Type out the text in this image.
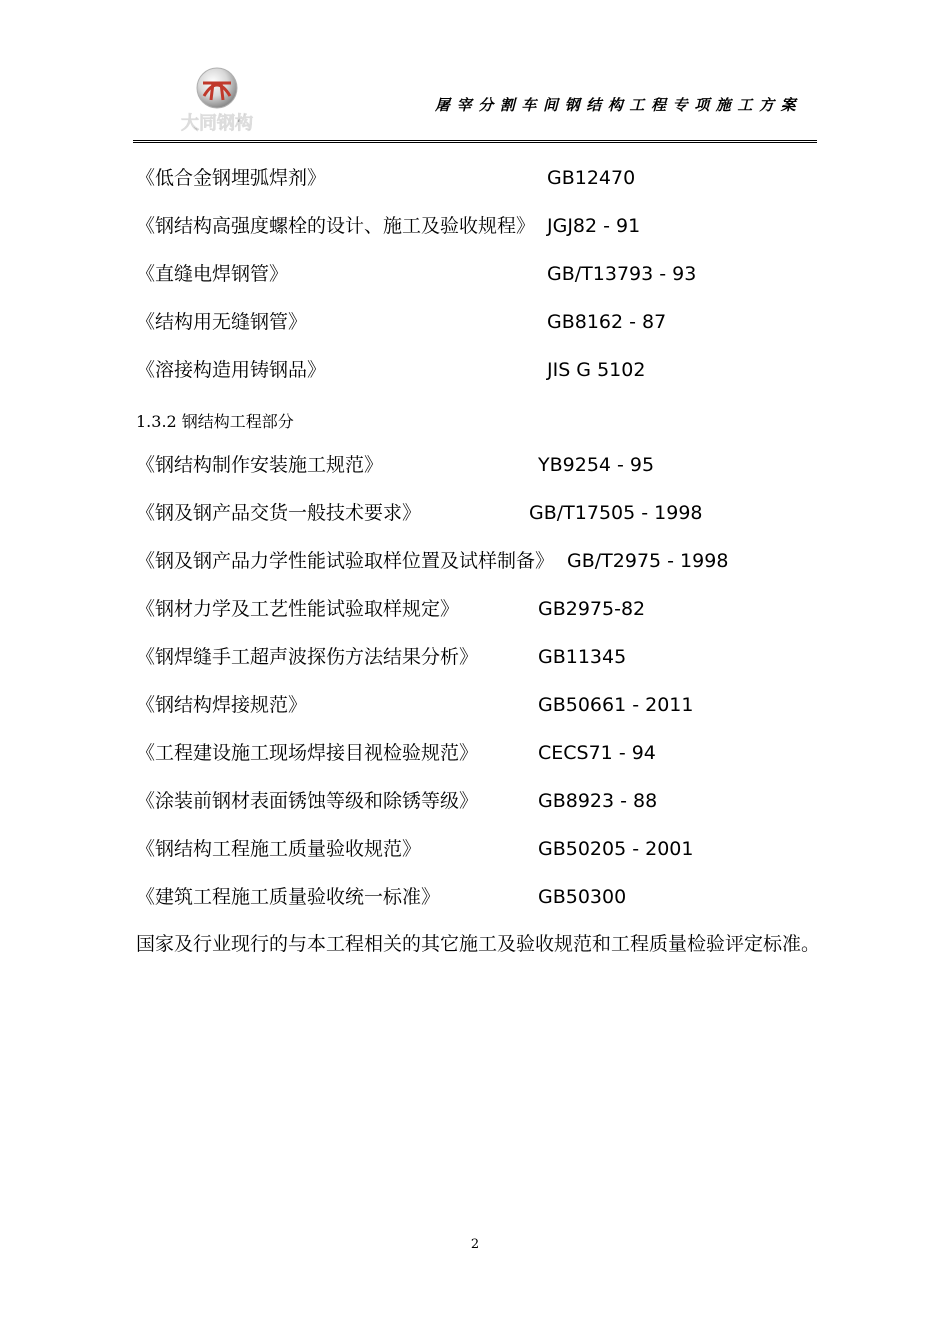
大同钢构
屠宰分割车间钢结构工程专项施工方案
《低合金钢埋弧焊剂》	GB12470
《钢结构高强度螺栓的设计、施工及验收规程》 JGJ82 - 91
《直缝电焊钢管》	GB/T13793 - 93
《结构用无缝钢管》	GB8162 - 87
《溶接构造用铸钢品》	JIS G 5102
1.3.2 钢结构工程部分
《钢结构制作安装施工规范》	YB9254 - 95
《钢及钢产品交货一般技术要求》	GB/T17505 - 1998
《钢及钢产品力学性能试验取样位置及试样制备》 GB/T2975 - 1998
《钢材力学及工艺性能试验取样规定》	GB2975-82
《钢焊缝手工超声波探伤方法结果分析》	GB11345
《钢结构焊接规范》	GB50661 - 2011
《工程建设施工现场焊接目视检验规范》	CECS71 - 94
《涂装前钢材表面锈蚀等级和除锈等级》	GB8923 - 88
《钢结构工程施工质量验收规范》	GB50205 - 2001
《建筑工程施工质量验收统一标准》	GB50300
国家及行业现行的与本工程相关的其它施工及验收规范和工程质量检验评定标准。
2
